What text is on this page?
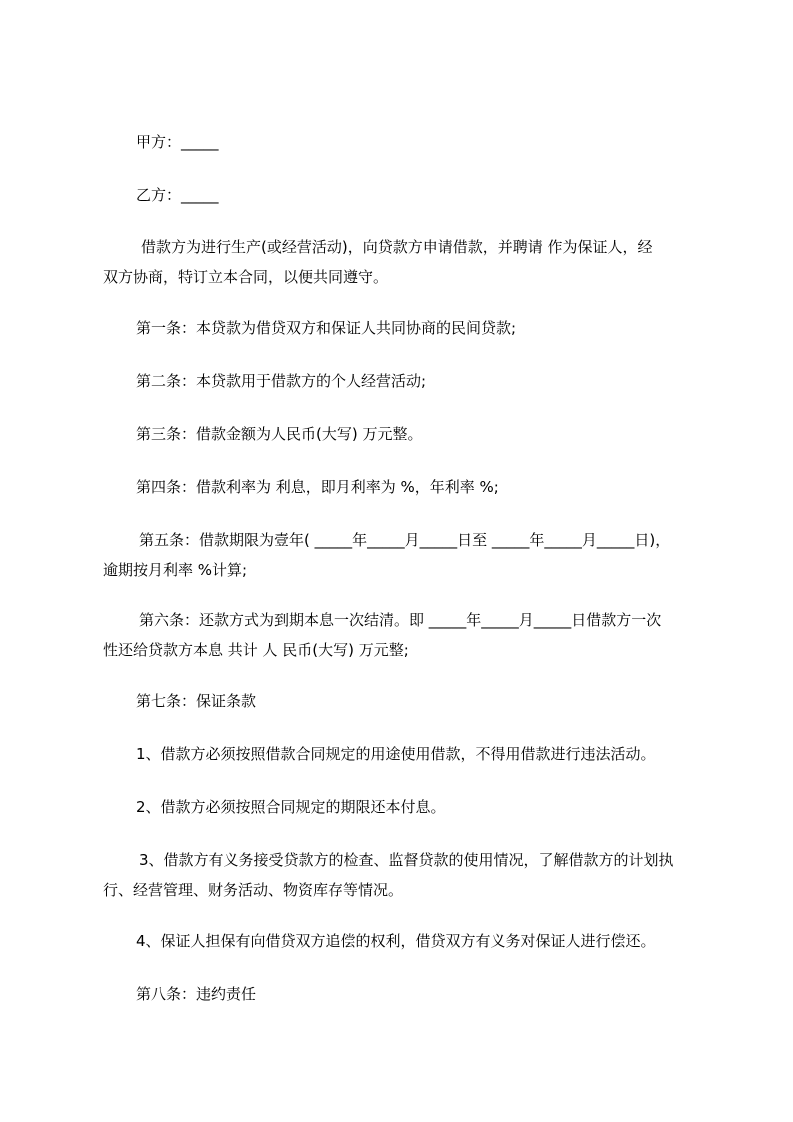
甲方：_____
乙方：_____
借款方为进行生产(或经营活动)，向贷款方申请借款，并聘请 作为保证人，经
双方协商，特订立本合同，以便共同遵守。
第一条：本贷款为借贷双方和保证人共同协商的民间贷款;
第二条：本贷款用于借款方的个人经营活动;
第三条：借款金额为人民币(大写) 万元整。
第四条：借款利率为 利息，即月利率为 %，年利率 %;
第五条：借款期限为壹年( _____年_____月_____日至 _____年_____月_____日)，
逾期按月利率 %计算;
第六条：还款方式为到期本息一次结清。即 _____年_____月_____日借款方一次
性还给贷款方本息 共计 人 民币(大写) 万元整;
第七条：保证条款
1、借款方必须按照借款合同规定的用途使用借款，不得用借款进行违法活动。
2、借款方必须按照合同规定的期限还本付息。
3、借款方有义务接受贷款方的检查、监督贷款的使用情况，了解借款方的计划执
行、经营管理、财务活动、物资库存等情况。
4、保证人担保有向借贷双方追偿的权利，借贷双方有义务对保证人进行偿还。
第八条：违约责任
